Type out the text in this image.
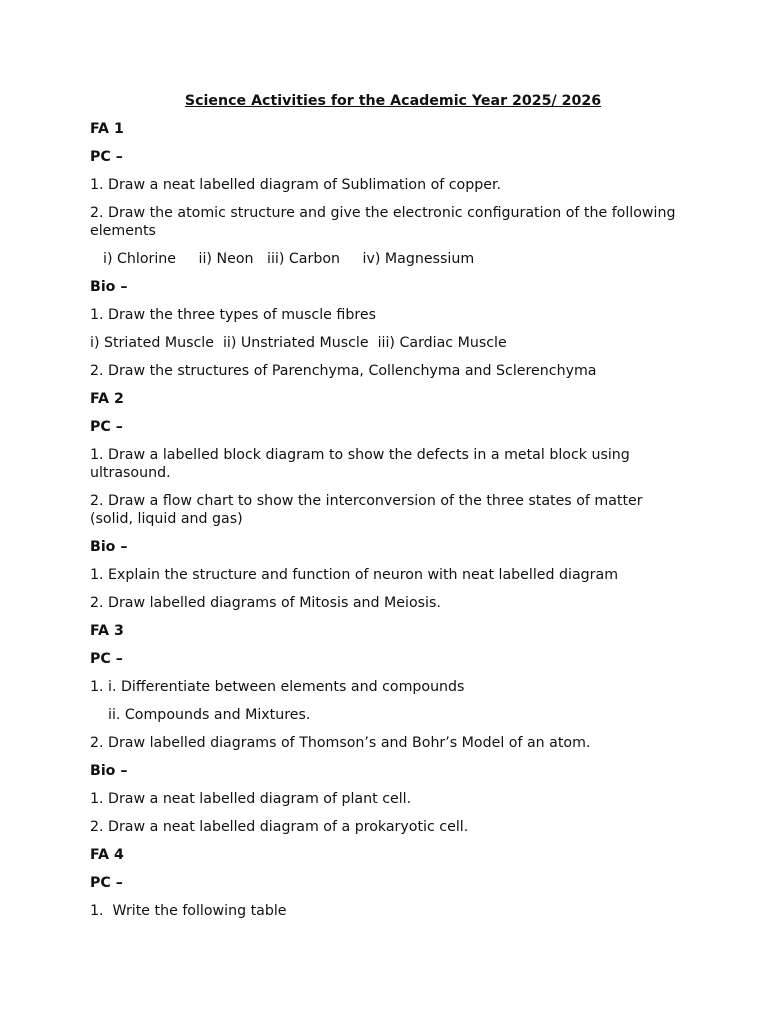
Science Activities for the Academic Year 2025/ 2026
FA 1
PC –
1. Draw a neat labelled diagram of Sublimation of copper.
2. Draw the atomic structure and give the electronic configuration of the following elements
i) Chlorine     ii) Neon   iii) Carbon     iv) Magnessium
Bio –
1. Draw the three types of muscle fibres
i) Striated Muscle  ii) Unstriated Muscle  iii) Cardiac Muscle
2. Draw the structures of Parenchyma, Collenchyma and Sclerenchyma
FA 2
PC –
1. Draw a labelled block diagram to show the defects in a metal block using ultrasound.
2. Draw a flow chart to show the interconversion of the three states of matter (solid, liquid and gas)
Bio –
1. Explain the structure and function of neuron with neat labelled diagram
2. Draw labelled diagrams of Mitosis and Meiosis.
FA 3
PC –
1. i. Differentiate between elements and compounds
ii. Compounds and Mixtures.
2. Draw labelled diagrams of Thomson’s and Bohr’s Model of an atom.
Bio –
1. Draw a neat labelled diagram of plant cell.
2. Draw a neat labelled diagram of a prokaryotic cell.
FA 4
PC –
1.  Write the following table
